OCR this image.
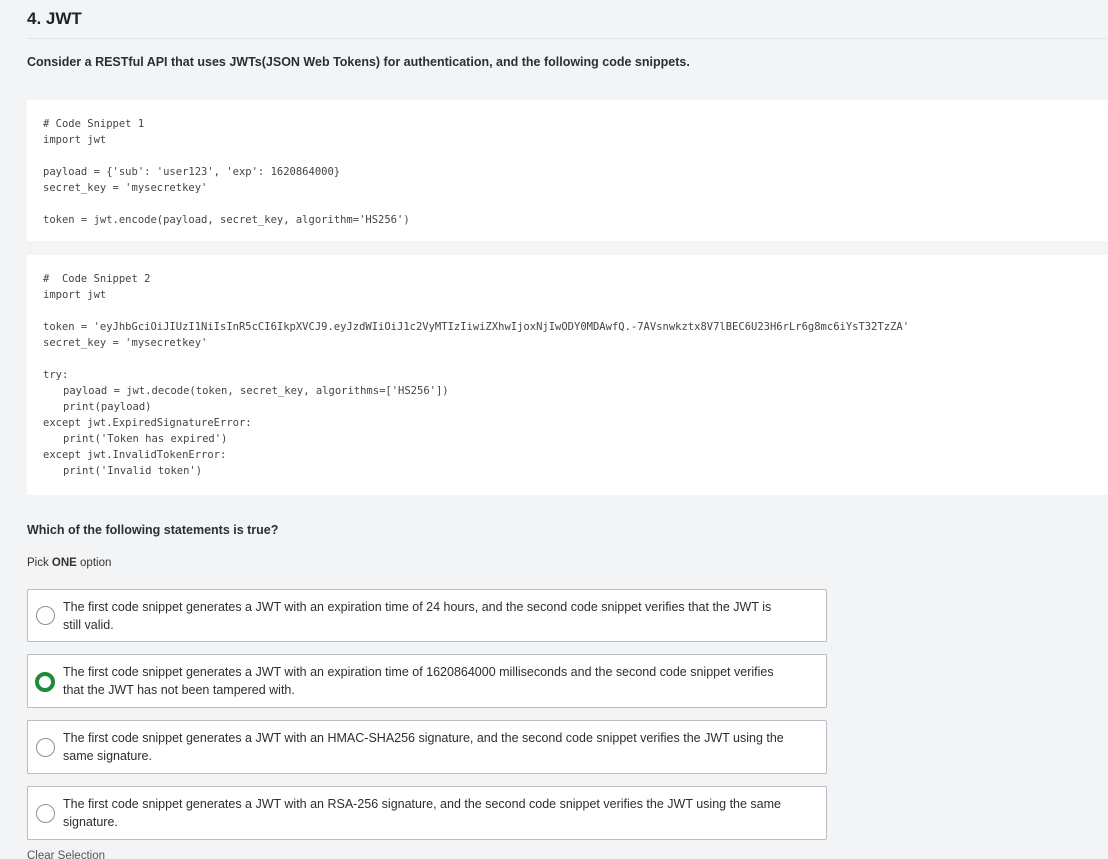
4. JWT
Consider a RESTful API that uses JWTs(JSON Web Tokens) for authentication, and the following code snippets.
# Code Snippet 1
import jwt
payload = {'sub': 'user123', 'exp': 1620864000}
secret_key = 'mysecretkey'
token = jwt.encode(payload, secret_key, algorithm='HS256')
#  Code Snippet 2
import jwt
token = 'eyJhbGciOiJIUzI1NiIsInR5cCI6IkpXVCJ9.eyJzdWIiOiJ1c2VyMTIzIiwiZXhwIjoxNjIwODY0MDAwfQ.-7AVsnwkztx8V7lBEC6U23H6rLr6g8mc6iYsT32TzZA'
secret_key = 'mysecretkey'
try:
payload = jwt.decode(token, secret_key, algorithms=['HS256'])
print(payload)
except jwt.ExpiredSignatureError:
print('Token has expired')
except jwt.InvalidTokenError:
print('Invalid token')
Which of the following statements is true?
Pick ONE option
The first code snippet generates a JWT with an expiration time of 24 hours, and the second code snippet verifies that the JWT is still valid.
The first code snippet generates a JWT with an expiration time of 1620864000 milliseconds and the second code snippet verifies that the JWT has not been tampered with.
The first code snippet generates a JWT with an HMAC-SHA256 signature, and the second code snippet verifies the JWT using the same signature.
The first code snippet generates a JWT with an RSA-256 signature, and the second code snippet verifies the JWT using the same signature.
Clear Selection
